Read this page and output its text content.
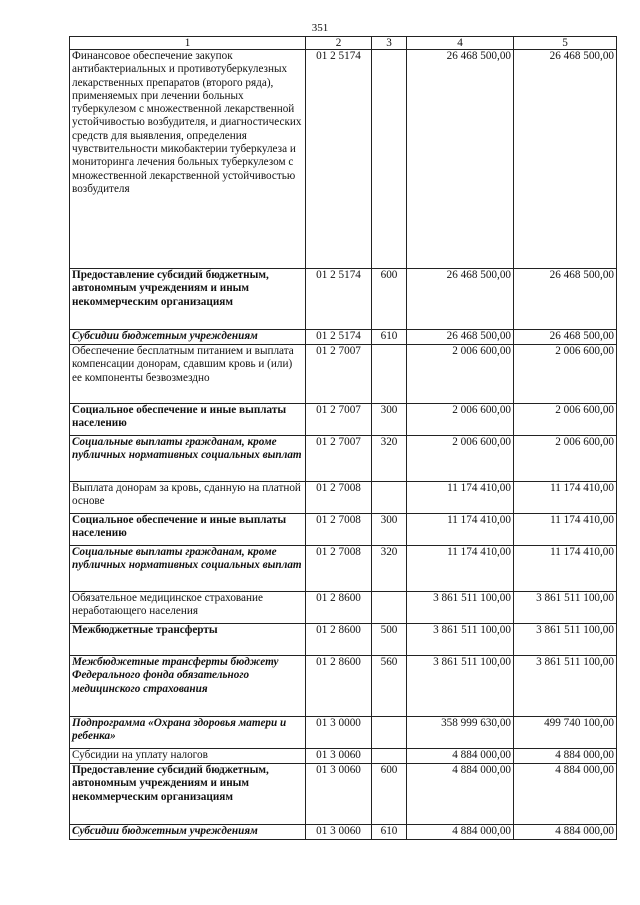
351
1	2	3	4	5
Финансовое обеспечение закупок антибактериальных и противотуберкулезных лекарственных препаратов (второго ряда), применяемых при лечении больных туберкулезом с множественной лекарственной устойчивостью возбудителя, и диагностических средств для выявления, определения чувствительности микобактерии туберкулеза и мониторинга лечения больных туберкулезом с множественной лекарственной устойчивостью возбудителя	01 2 5174		26 468 500,00	26 468 500,00
Предоставление субсидий бюджетным, автономным учреждениям и иным некоммерческим организациям	01 2 5174	600	26 468 500,00	26 468 500,00
Субсидии бюджетным учреждениям	01 2 5174	610	26 468 500,00	26 468 500,00
Обеспечение бесплатным питанием и выплата компенсации донорам, сдавшим кровь и (или) ее компоненты безвозмездно	01 2 7007		2 006 600,00	2 006 600,00
Социальное обеспечение и иные выплаты населению	01 2 7007	300	2 006 600,00	2 006 600,00
Социальные выплаты гражданам, кроме публичных нормативных социальных выплат	01 2 7007	320	2 006 600,00	2 006 600,00
Выплата донорам за кровь, сданную на платной основе	01 2 7008		11 174 410,00	11 174 410,00
Социальное обеспечение и иные выплаты населению	01 2 7008	300	11 174 410,00	11 174 410,00
Социальные выплаты гражданам, кроме публичных нормативных социальных выплат	01 2 7008	320	11 174 410,00	11 174 410,00
Обязательное медицинское страхование неработающего населения	01 2 8600		3 861 511 100,00	3 861 511 100,00
Межбюджетные трансферты	01 2 8600	500	3 861 511 100,00	3 861 511 100,00
Межбюджетные трансферты бюджету Федерального фонда обязательного медицинского страхования	01 2 8600	560	3 861 511 100,00	3 861 511 100,00
Подпрограмма «Охрана здоровья матери и ребенка»	01 3 0000		358 999 630,00	499 740 100,00
Субсидии на уплату налогов	01 3 0060		4 884 000,00	4 884 000,00
Предоставление субсидий бюджетным, автономным учреждениям и иным некоммерческим организациям	01 3 0060	600	4 884 000,00	4 884 000,00
Субсидии бюджетным учреждениям	01 3 0060	610	4 884 000,00	4 884 000,00
